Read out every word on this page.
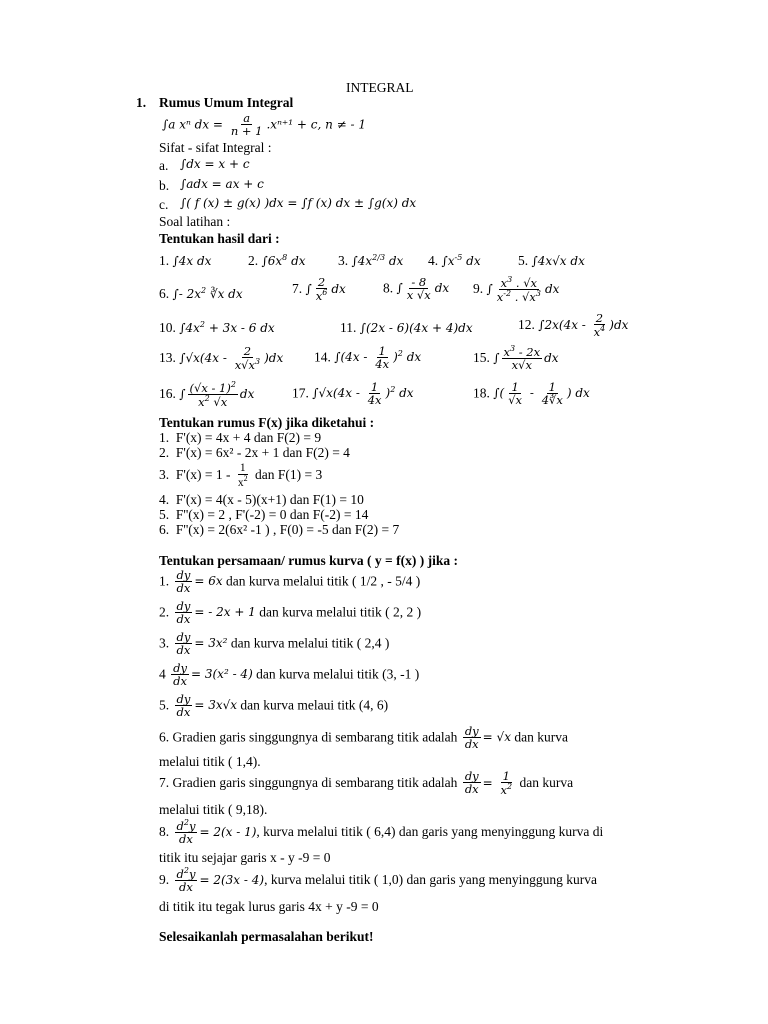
INTEGRAL
1. Rumus Umum Integral
∫a xⁿ dx = $\frac{a}{n + 1} .x^{n+1} + c$, n ≠ - 1
Sifat - sifat Integral :
a. ∫dx = x + c
b. ∫adx = ax + c
c. ∫( f (x) ± g(x) )dx = ∫f (x) dx ± ∫g(x) dx
Soal latihan :
Tentukan hasil dari :
1. ∫4x dx	2. $\int 6x^8$ dx 3. $\int 4x^{2/3}$ dx 4. $\int x^{-5}$ dx	5. ∫4x√x dx
6. ∫- $2x^2$ ∛x dx	7. ∫ $\frac{2}{x^6}$ dx	8. ∫ $\frac{- 8}{x √x}$ dx 9. ∫ $\frac{x^3 . √x}{x^{-2} . √x^3}$ dx
10. $\int 4x^2 + 3x - 6$ dx	11. ∫(2x - 6)(4x + 4)dx	12. $\int 2x(4x - \frac{2}{x^4} )dx$
13. $\int√x(4x - \frac{2}{x√x^3} )dx$ 14. $\int(4x - \frac{1}{4x} )^2$ dx	15. ∫ $\frac{x^3 - 2x}{x√x}$ dx
16. ∫ $\frac{(√x - 1)^2}{x^2 √x}$ dx	17. $\int√x(4x - \frac{1}{4x} )^2$ dx	18. ∫( $\frac{1}{√x} - \frac{1}{4∛x}$ ) dx
Tentukan rumus F(x) jika diketahui :
1. F'(x) = 4x + 4 dan F(2) = 9
2. F'(x) = 6x² - 2x + 1 dan F(2) = 4
3.  $F'(x) = 1 - \frac{1}{x^2}$ dan F(1) = 3
4. F'(x) = 4(x - 5)(x+1) dan F(1) = 10
5. F''(x) = 2 , F'(-2) = 0 dan F(-2) = 14
6. F''(x) = 2(6x² -1 ) , F(0) = -5 dan F(2) = 7
Tentukan persamaan/ rumus kurva ( y = f(x) ) jika :
1. $\frac{dy}{dx} = 6x$ dan kurva melalui titik ( 1/2 , - 5/4 )
2. $\frac{dy}{dx}$ = - 2x + 1 dan kurva melalui titik ( 2, 2 )
3. $\frac{dy}{dx} = 3x^2$ dan kurva melalui titik ( 2,4 )
$4 \frac{dy}{dx} = 3(x^2 - 4)$ dan kurva melalui titik (3, -1 )
5. $\frac{dy}{dx} = 3x√x$ dan kurva melaui titk (4, 6)
6. Gradien garis singgungnya di sembarang titik adalah $\frac{dy}{dx} = √x$ dan kurva
melalui titik ( 1,4).
7. Gradien garis singgungnya di sembarang titik adalah $\frac{dy}{dx} = \frac{1}{x^2}$ dan kurva
melalui titik ( 9,18).
8. $\frac{d^2y}{dx} = 2(x - 1)$, kurva melalui titik ( 6,4) dan garis yang menyinggung kurva di
titik itu sejajar garis x - y -9 = 0
9. $\frac{d^2y}{dx} = 2(3x - 4)$, kurva melalui titik ( 1,0) dan garis yang menyinggung kurva
di titik itu tegak lurus garis 4x + y -9 = 0
Selesaikanlah permasalahan berikut!
